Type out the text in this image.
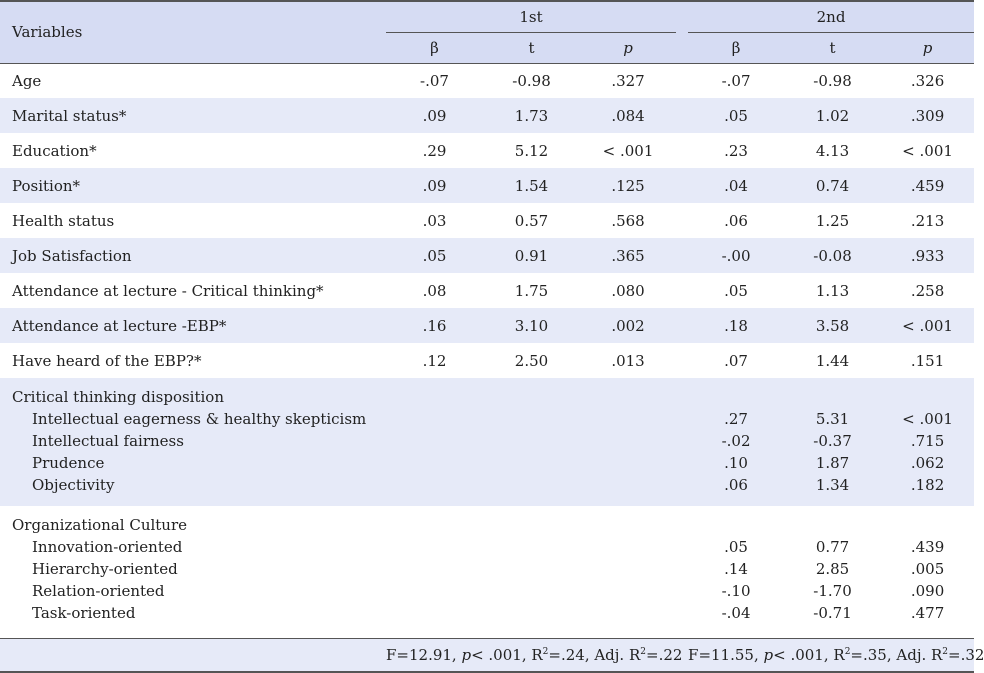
Variables	1st				2nd		
	β	t	p		β	t	p
Age	-.07	-0.98	.327		-.07	-0.98	.326
Marital status*	.09	1.73	.084		.05	1.02	.309
Education*	.29	5.12	< .001		.23	4.13	< .001
Position*	.09	1.54	.125		.04	0.74	.459
Health status	.03	0.57	.568		.06	1.25	.213
Job Satisfaction	.05	0.91	.365		-.00	-0.08	.933
Attendance at lecture - Critical thinking*	.08	1.75	.080		.05	1.13	.258
Attendance at lecture -EBP*	.16	3.10	.002		.18	3.58	< .001
Have heard of the EBP?*	.12	2.50	.013		.07	1.44	.151

Critical thinking disposition							
Intellectual eagerness & healthy skepticism					.27	5.31	< .001
Intellectual fairness					-.02	-0.37	.715
Prudence					.10	1.87	.062
Objectivity					.06	1.34	.182

Organizational Culture							
Innovation-oriented					.05	0.77	.439
Hierarchy-oriented					.14	2.85	.005
Relation-oriented					-.10	-1.70	.090
Task-oriented					-.04	-0.71	.477

	F=12.91, p< .001, $R^2=.24$, Adj. $R^2=.22$				F=11.55, p< .001, $R^2=.35$, Adj. $R^2=.32$		
